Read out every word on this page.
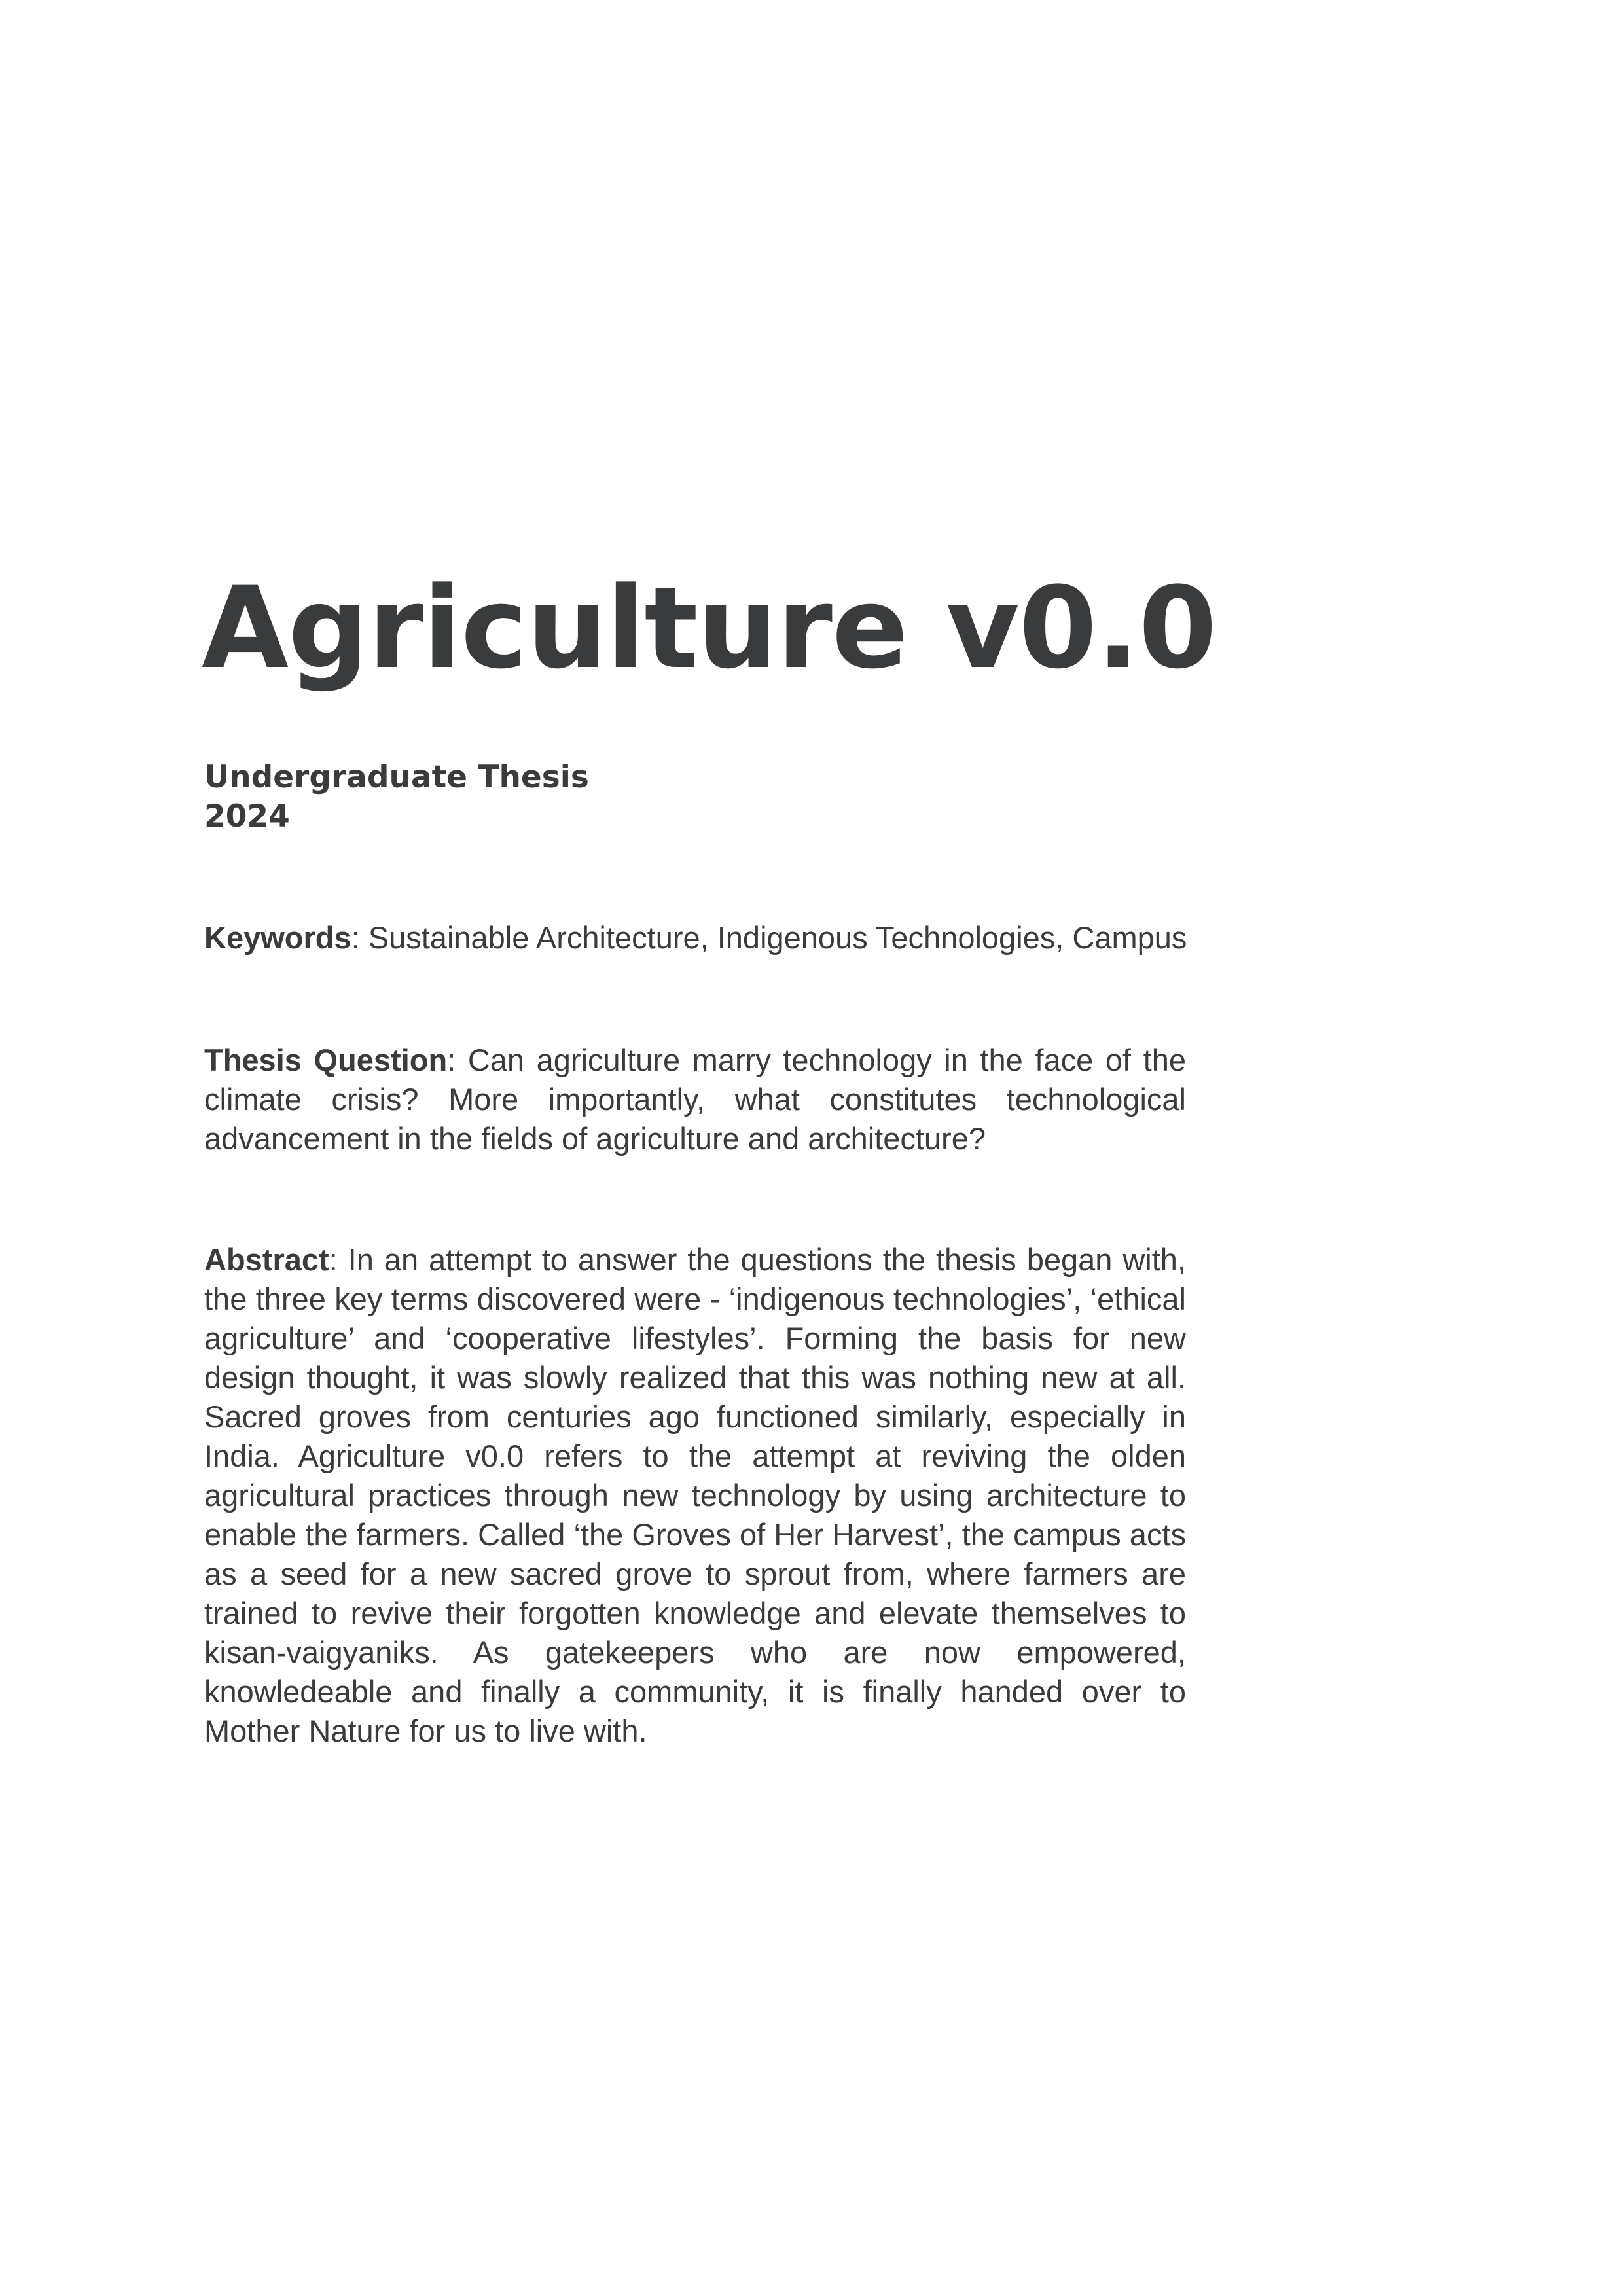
Agriculture v0.0
Undergraduate Thesis
2024
Keywords: Sustainable Architecture, Indigenous Technologies, Campus
Thesis Question: Can agriculture marry technology in the face of the climate crisis? More importantly, what constitutes technological advancement in the fields of agriculture and architecture?
Abstract: In an attempt to answer the questions the thesis began with, the three key terms discovered were - ‘indigenous technologies’, ‘ethical agriculture’ and ‘cooperative lifestyles’. Forming the basis for new design thought, it was slowly realized that this was nothing new at all. Sacred groves from centuries ago functioned similarly, especially in India. Agriculture v0.0 refers to the attempt at reviving the olden agricultural practices through new technology by using architecture to enable the farmers. Called ‘the Groves of Her Harvest’, the campus acts as a seed for a new sacred grove to sprout from, where farmers are trained to revive their forgotten knowledge and elevate themselves to kisan-vaigyaniks. As gatekeepers who are now empowered, knowledeable and finally a community, it is finally handed over to Mother Nature for us to live with.
